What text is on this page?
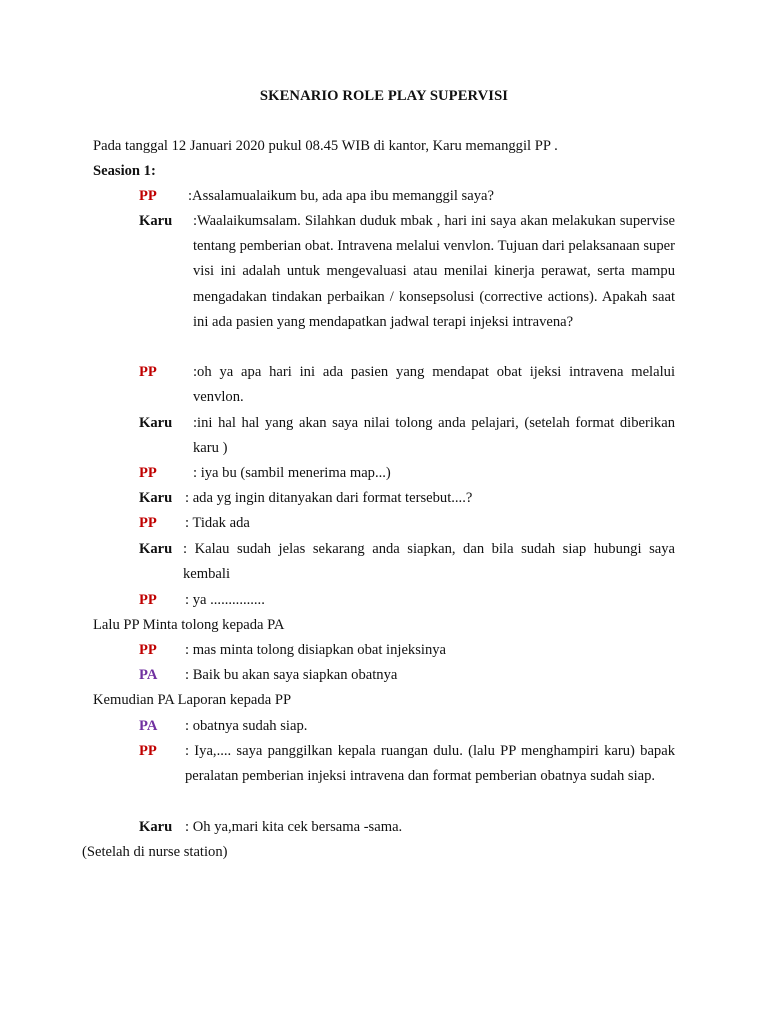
SKENARIO ROLE PLAY SUPERVISI
Pada tanggal 12 Januari 2020 pukul 08.45 WIB di kantor, Karu memanggil PP .
Seasion 1:
PP :Assalamualaikum bu, ada apa ibu memanggil saya?
Karu :Waalaikumsalam. Silahkan duduk mbak , hari ini saya akan melakukan supervise tentang pemberian obat. Intravena melalui venvlon. Tujuan dari pelaksanaan super visi ini adalah untuk mengevaluasi atau menilai kinerja perawat, serta mampu mengadakan tindakan perbaikan / konsepsolusi (corrective actions). Apakah saat ini ada pasien yang mendapatkan jadwal terapi injeksi intravena?
PP :oh ya apa hari ini ada pasien yang mendapat obat ijeksi intravena melalui venvlon.
Karu :ini hal hal yang akan saya nilai tolong anda pelajari, (setelah format diberikan karu )
PP : iya bu (sambil menerima map...)
Karu : ada yg ingin ditanyakan dari format tersebut....?
PP : Tidak ada
Karu : Kalau sudah jelas sekarang anda siapkan, dan bila sudah siap hubungi saya kembali
PP : ya ...............
Lalu PP Minta tolong kepada PA
PP : mas minta tolong disiapkan obat injeksinya
PA : Baik bu akan saya siapkan obatnya
Kemudian PA Laporan kepada PP
PA : obatnya sudah siap.
PP : Iya,.... saya panggilkan kepala ruangan dulu. (lalu PP menghampiri karu) bapak peralatan pemberian injeksi intravena dan format pemberian obatnya sudah siap.
Karu : Oh ya,mari kita cek bersama -sama.
(Setelah di nurse station)
